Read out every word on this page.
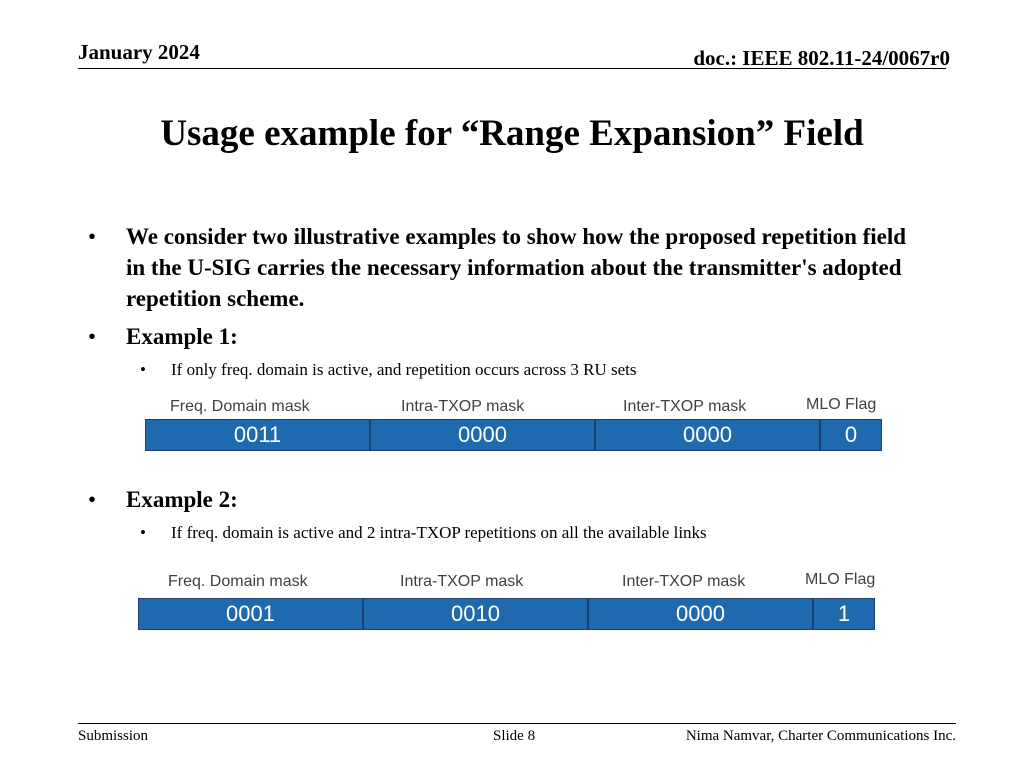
January 2024	doc.: IEEE 802.11-24/0067r0
Usage example for “Range Expansion” Field
• We consider two illustrative examples to show how the proposed repetition field in the U-SIG carries the necessary information about the transmitter's adopted repetition scheme.
• Example 1:
• If only freq. domain is active, and repetition occurs across 3 RU sets
Freq. Domain mask	Intra-TXOP mask	Inter-TXOP mask	MLO Flag
0011	0000	0000	0
• Example 2:
• If freq. domain is active and 2 intra-TXOP repetitions on all the available links
Freq. Domain mask	Intra-TXOP mask	Inter-TXOP mask	MLO Flag
0001	0010	0000	1
Submission	Slide 8	Nima Namvar, Charter Communications Inc.
